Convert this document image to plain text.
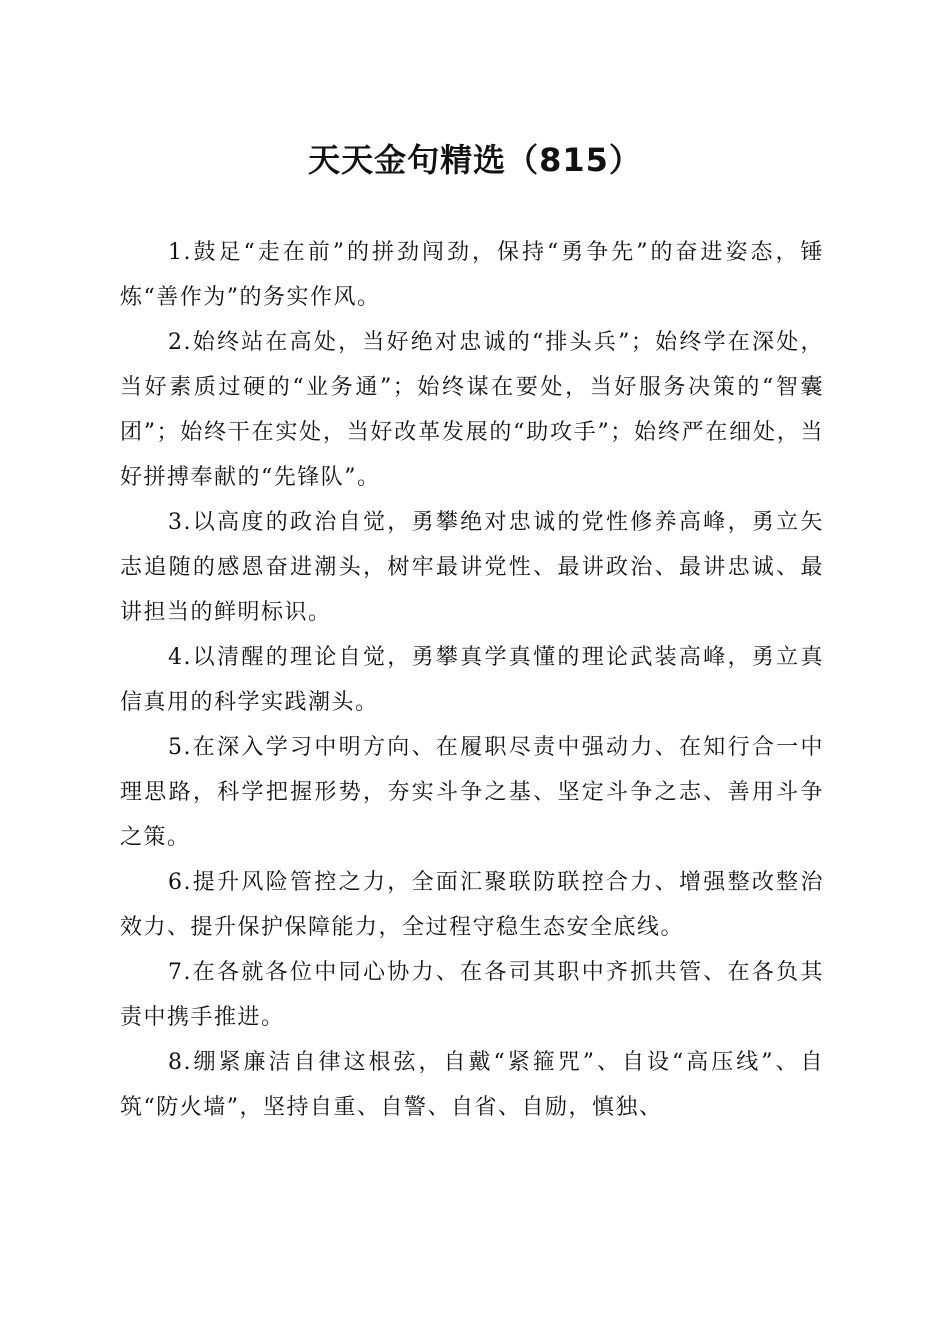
天天金句精选（815）

1.鼓足“走在前”的拼劲闯劲，保持“勇争先”的奋进姿态，锤炼“善作为”的务实作风。

2.始终站在高处，当好绝对忠诚的“排头兵”；始终学在深处，当好素质过硬的“业务通”；始终谋在要处，当好服务决策的“智囊团”；始终干在实处，当好改革发展的“助攻手”；始终严在细处，当好拼搏奉献的“先锋队”。

3.以高度的政治自觉，勇攀绝对忠诚的党性修养高峰，勇立矢志追随的感恩奋进潮头，树牢最讲党性、最讲政治、最讲忠诚、最讲担当的鲜明标识。

4.以清醒的理论自觉，勇攀真学真懂的理论武装高峰，勇立真信真用的科学实践潮头。

5.在深入学习中明方向、在履职尽责中强动力、在知行合一中理思路，科学把握形势，夯实斗争之基、坚定斗争之志、善用斗争之策。

6.提升风险管控之力，全面汇聚联防联控合力、增强整改整治效力、提升保护保障能力，全过程守稳生态安全底线。

7.在各就各位中同心协力、在各司其职中齐抓共管、在各负其责中携手推进。

8.绷紧廉洁自律这根弦，自戴“紧箍咒”、自设“高压线”、自筑“防火墙”，坚持自重、自警、自省、自励，慎独、
